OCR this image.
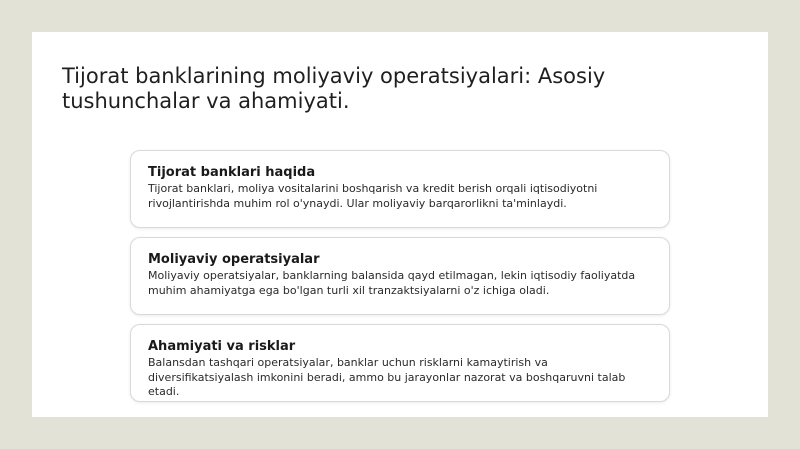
Tijorat banklarining moliyaviy operatsiyalari: Asosiy tushunchalar va ahamiyati.

Tijorat banklari haqida

Tijorat banklari, moliya vositalarini boshqarish va kredit berish orqali iqtisodiyotni rivojlantirishda muhim rol o'ynaydi. Ular moliyaviy barqarorlikni ta'minlaydi.

Moliyaviy operatsiyalar

Moliyaviy operatsiyalar, banklarning balansida qayd etilmagan, lekin iqtisodiy faoliyatda muhim ahamiyatga ega bo'lgan turli xil tranzaktsiyalarni o'z ichiga oladi.

Ahamiyati va risklar

Balansdan tashqari operatsiyalar, banklar uchun risklarni kamaytirish va diversifikatsiyalash imkonini beradi, ammo bu jarayonlar nazorat va boshqaruvni talab etadi.
